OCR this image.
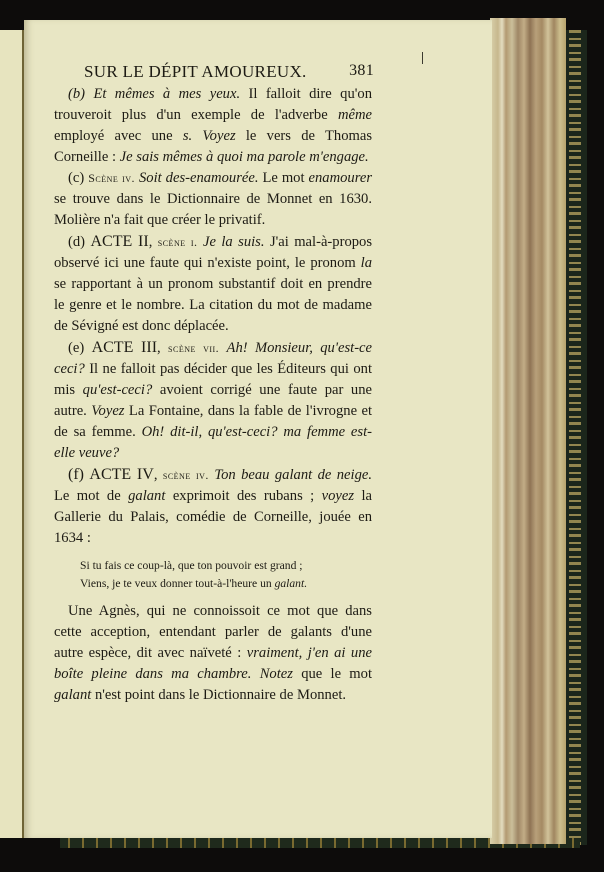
SUR LE DÉPIT AMOUREUX.	381

(b) Et mêmes à mes yeux. Il falloit dire qu'on trouveroit plus d'un exemple de l'adverbe même employé avec une s. Voyez le vers de Thomas Corneille : Je sais mêmes à quoi ma parole m'engage.

(c) Scène iv. Soit des-enamourée. Le mot enamourer se trouve dans le Dictionnaire de Monnet en 1630. Molière n'a fait que créer le privatif.

(d) ACTE II, scène i. Je la suis. J'ai mal-à-propos observé ici une faute qui n'existe point, le pronom la se rapportant à un pronom substantif doit en prendre le genre et le nombre. La citation du mot de madame de Sévigné est donc déplacée.

(e) ACTE III, scène vii. Ah! Monsieur, qu'est-ce ceci? Il ne falloit pas décider que les Éditeurs qui ont mis qu'est-ceci? avoient corrigé une faute par une autre. Voyez La Fontaine, dans la fable de l'ivrogne et de sa femme. Oh! dit-il, qu'est-ceci? ma femme est-elle veuve?

(f) ACTE IV, scène iv. Ton beau galant de neige. Le mot de galant exprimoit des rubans ; voyez la Gallerie du Palais, comédie de Corneille, jouée en 1634 :

Si tu fais ce coup-là, que ton pouvoir est grand ;
Viens, je te veux donner tout-à-l'heure un galant.

Une Agnès, qui ne connoissoit ce mot que dans cette acception, entendant parler de galants d'une autre espèce, dit avec naïveté : vraiment, j'en ai une boîte pleine dans ma chambre. Notez que le mot galant n'est point dans le Dictionnaire de Monnet.
